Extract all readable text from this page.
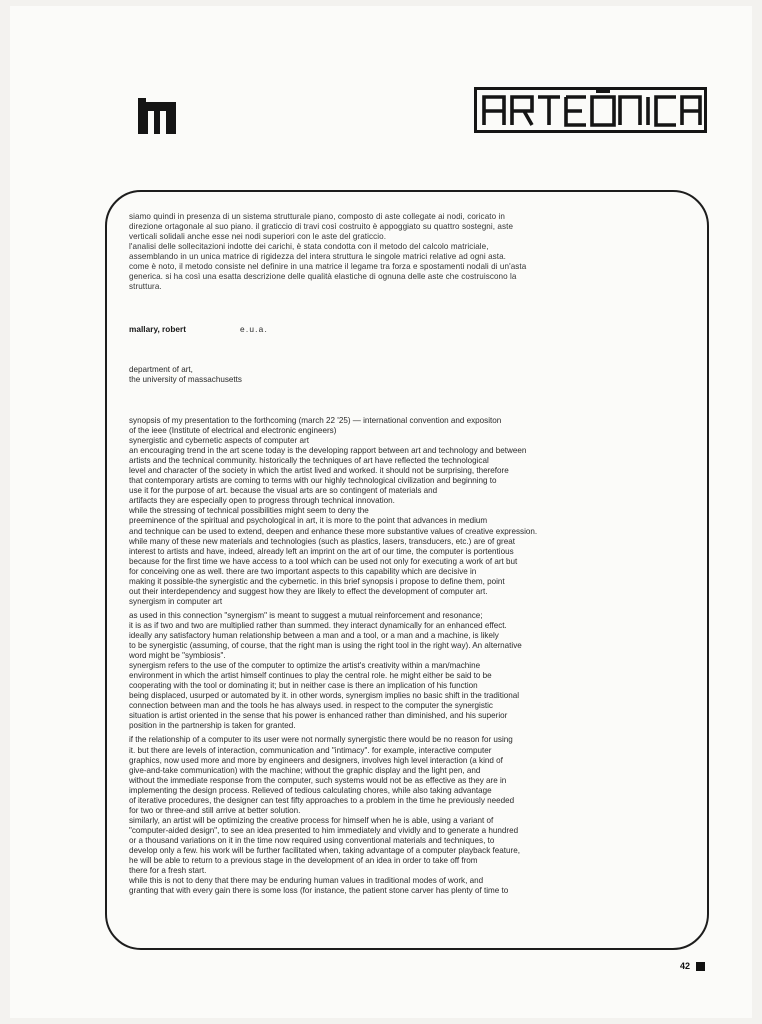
42
siamo quindi in presenza di un sistema strutturale piano, composto di aste collegate ai nodi, coricato in
direzione ortagonale al suo piano. il graticcio di travi così costruito è appoggiato su quattro sostegni, aste
verticali solidali anche esse nei nodi superiori con le aste del graticcio.
l'analisi delle sollecitazioni indotte dei carichi, è stata condotta con il metodo del calcolo matriciale,
assemblando in un unica matrice di rigidezza del intera struttura le singole matrici relative ad ogni asta.
come è noto, il metodo consiste nel definire in una matrice il legame tra forza e spostamenti nodali di un'asta
generica. si ha così una esatta descrizione delle qualità elastiche di ognuna delle aste che costruiscono la
struttura.
mallary, robert	e.u.a.
department of art,
the university of massachusetts
synopsis of my presentation to the forthcoming (march 22 '25) — international convention and expositon
of the ieee (Institute of electrical and electronic engineers)
synergistic and cybernetic aspects of computer art
an encouraging trend in the art scene today is the developing rapport between art and technology and between
artists and the technical community. historically the techniques of art have reflected the technological
level and character of the society in which the artist lived and worked. it should not be surprising, therefore
that contemporary artists are coming to terms with our highly technological civilization and beginning to
use it for the purpose of art. because the visual arts are so contingent of materials and
artifacts they are especially open to progress through technical innovation.
while the stressing of technical possibilities might seem to deny the
preeminence of the spiritual and psychological in art, it is more to the point that advances in medium
and technique can be used to extend, deepen and enhance these more substantive values of creative expression.
while many of these new materials and technologies (such as plastics, lasers, transducers, etc.) are of great
interest to artists and have, indeed, already left an imprint on the art of our time, the computer is portentious
because for the first time we have access to a tool which can be used not only for executing a work of art but
for conceiving one as well. there are two important aspects to this capability which are decisive in
making it possible-the synergistic and the cybernetic. in this brief synopsis i propose to define them, point
out their interdependency and suggest how they are likely to effect the development of computer art.
synergism in computer art
as used in this connection "synergism" is meant to suggest a mutual reinforcement and resonance;
it is as if two and two are multiplied rather than summed. they interact dynamically for an enhanced effect.
ideally any satisfactory human relationship between a man and a tool, or a man and a machine, is likely
to be synergistic (assuming, of course, that the right man is using the right tool in the right way). An alternative
word might be "symbiosis".
synergism refers to the use of the computer to optimize the artist's creativity within a man/machine
environment in which the artist himself continues to play the central role. he might either be said to be
cooperating with the tool or dominating it; but in neither case is there an implication of his function
being displaced, usurped or automated by it. in other words, synergism implies no basic shift in the traditional
connection between man and the tools he has always used. in respect to the computer the synergistic
situation is artist oriented in the sense that his power is enhanced rather than diminished, and his superior
position in the partnership is taken for granted.
if the relationship of a computer to its user were not normally synergistic there would be no reason for using
it. but there are levels of interaction, communication and "intimacy". for example, interactive computer
graphics, now used more and more by engineers and designers, involves high level interaction (a kind of
give-and-take communication) with the machine; without the graphic display and the light pen, and
without the immediate response from the computer, such systems would not be as effective as they are in
implementing the design process. Relieved of tedious calculating chores, while also taking advantage
of iterative procedures, the designer can test fifty approaches to a problem in the time he previously needed
for two or three-and still arrive at better solution.
similarly, an artist will be optimizing the creative process for himself when he is able, using a variant of
"computer-aided design", to see an idea presented to him immediately and vividly and to generate a hundred
or a thousand variations on it in the time now required using conventional materials and techniques, to
develop only a few. his work will be further facilitated when, taking advantage of a computer playback feature,
he will be able to return to a previous stage in the development of an idea in order to take off from
there for a fresh start.
while this is not to deny that there may be enduring human values in traditional modes of work, and
granting that with every gain there is some loss (for instance, the patient stone carver has plenty of time to
